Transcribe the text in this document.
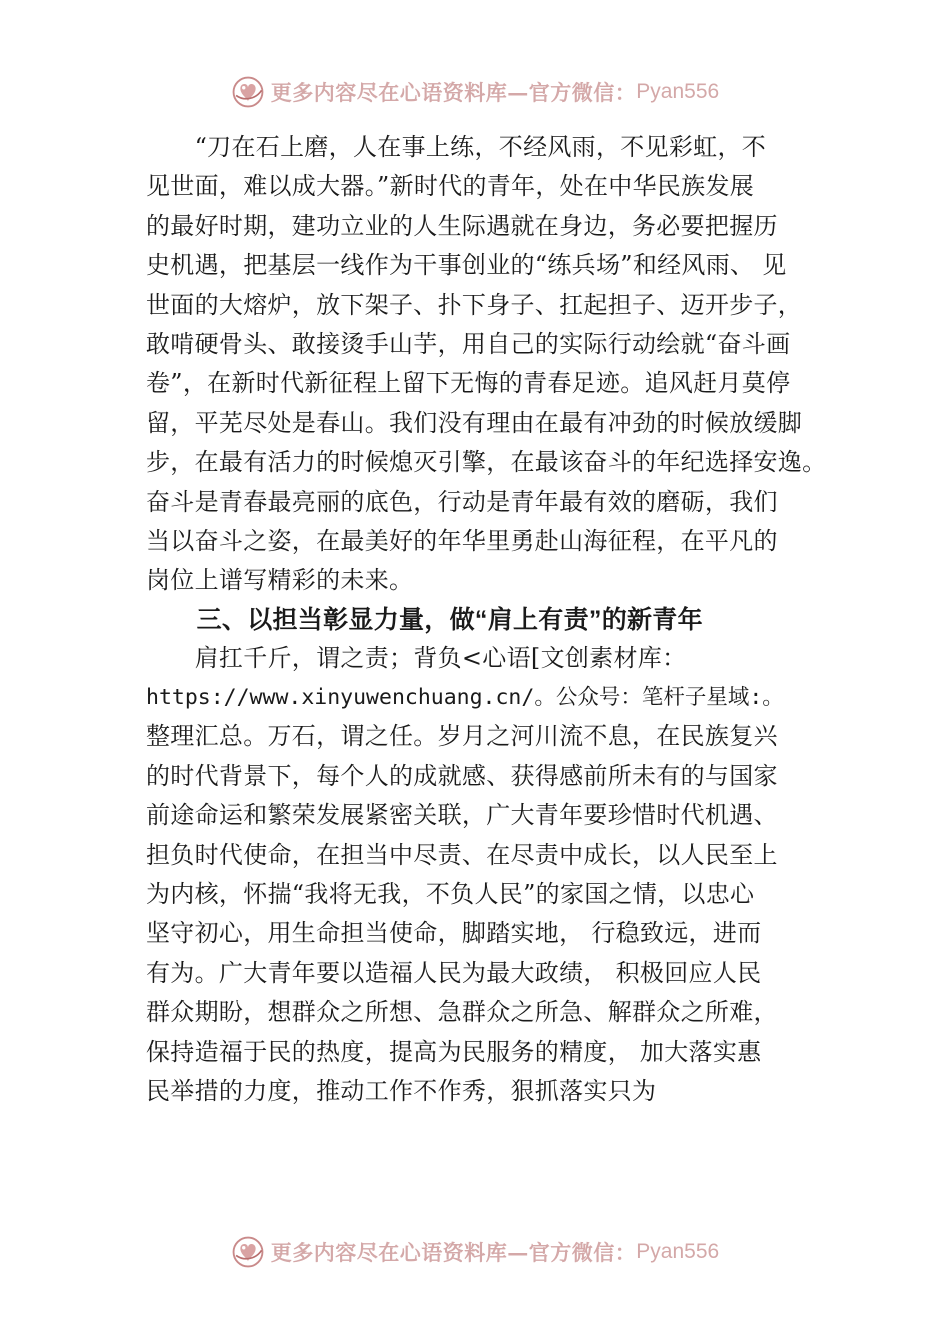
更多内容尽在心语资料库—官方微信： Pyan556
　　“刀在石上磨，人在事上练，不经风雨，不见彩虹，不
见世面，难以成大器。”新时代的青年，处在中华民族发展
的最好时期，建功立业的人生际遇就在身边，务必要把握历
史机遇，把基层一线作为干事创业的“练兵场”和经风雨、 见
世面的大熔炉，放下架子、扑下身子、扛起担子、迈开步子，
敢啃硬骨头、敢接烫手山芋，用自己的实际行动绘就“奋斗画
卷”，在新时代新征程上留下无悔的青春足迹。追风赶月莫停
留，平芜尽处是春山。我们没有理由在最有冲劲的时候放缓脚
步，在最有活力的时候熄灭引擎，在最该奋斗的年纪选择安逸。
奋斗是青春最亮丽的底色，行动是青年最有效的磨砺，我们
当以奋斗之姿，在最美好的年华里勇赴山海征程，在平凡的
岗位上谱写精彩的未来。
　　三、以担当彰显力量，做“肩上有责”的新青年
　　肩扛千斤，谓之责；背负<心语[文创素材库：
https://www.xinyuwenchuang.cn/。公众号：笔杆子星域:。
整理汇总。万石，谓之任。岁月之河川流不息，在民族复兴
的时代背景下，每个人的成就感、获得感前所未有的与国家
前途命运和繁荣发展紧密关联，广大青年要珍惜时代机遇、
担负时代使命，在担当中尽责、在尽责中成长，以人民至上
为内核，怀揣“我将无我，不负人民”的家国之情，以忠心
坚守初心，用生命担当使命，脚踏实地， 行稳致远，进而
有为。广大青年要以造福人民为最大政绩， 积极回应人民
群众期盼，想群众之所想、急群众之所急、解群众之所难，
保持造福于民的热度，提高为民服务的精度， 加大落实惠
民举措的力度，推动工作不作秀，狠抓落实只为
更多内容尽在心语资料库—官方微信： Pyan556
